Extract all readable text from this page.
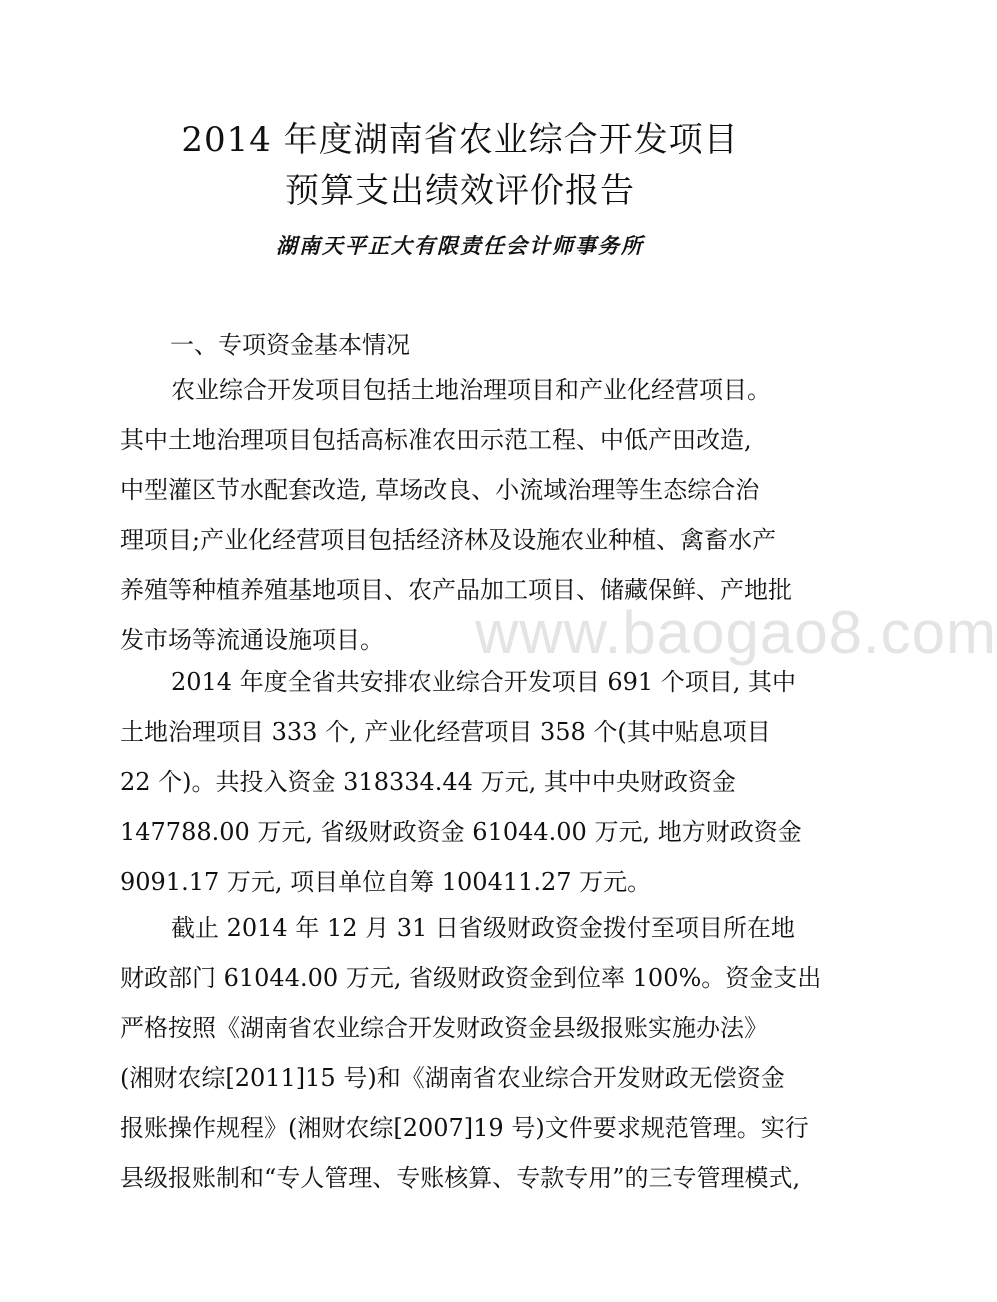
2014 年度湖南省农业综合开发项目
预算支出绩效评价报告
湖南天平正大有限责任会计师事务所
一、专项资金基本情况
农业综合开发项目包括土地治理项目和产业化经营项目。
其中土地治理项目包括高标准农田示范工程、中低产田改造,
中型灌区节水配套改造, 草场改良、小流域治理等生态综合治
理项目;产业化经营项目包括经济林及设施农业种植、禽畜水产
养殖等种植养殖基地项目、农产品加工项目、储藏保鲜、产地批
发市场等流通设施项目。	www.baogao8.com
2014 年度全省共安排农业综合开发项目 691 个项目, 其中
土地治理项目 333 个, 产业化经营项目 358 个(其中贴息项目
22 个)。共投入资金 318334.44 万元, 其中中央财政资金
147788.00 万元, 省级财政资金 61044.00 万元, 地方财政资金
9091.17 万元, 项目单位自筹 100411.27 万元。
截止 2014 年 12 月 31 日省级财政资金拨付至项目所在地
财政部门 61044.00 万元, 省级财政资金到位率 100%。资金支出
严格按照《湖南省农业综合开发财政资金县级报账实施办法》
(湘财农综[2011]15 号)和《湖南省农业综合开发财政无偿资金
报账操作规程》(湘财农综[2007]19 号)文件要求规范管理。实行
县级报账制和“专人管理、专账核算、专款专用”的三专管理模式,
